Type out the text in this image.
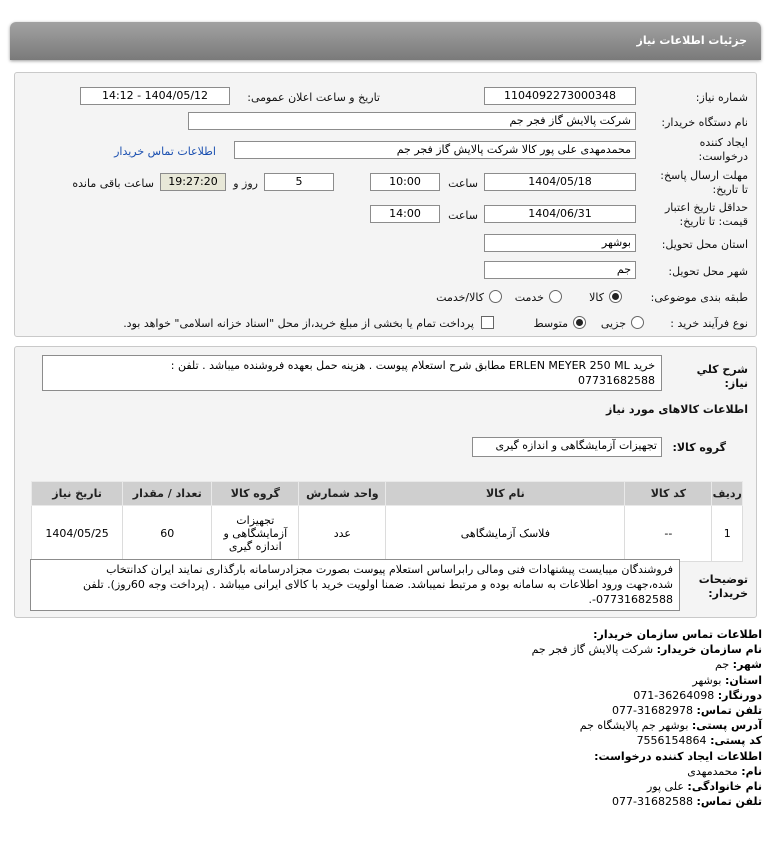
جزئیات اطلاعات نیاز
شماره نیاز:
1104092273000348
تاریخ و ساعت اعلان عمومی:
1404/05/12 - 14:12
نام دستگاه خریدار:
شرکت پالایش گاز فجر جم
ایجاد کننده
درخواست:
محمدمهدی علی پور کالا شرکت پالایش گاز فجر جم
اطلاعات تماس خریدار
مهلت ارسال پاسخ:
تا تاریخ:
1404/05/18
ساعت
10:00
5
روز و
19:27:20
ساعت باقی مانده
حداقل تاریخ اعتبار
قیمت: تا تاریخ:
1404/06/31
ساعت
14:00
استان محل تحویل:
بوشهر
شهر محل تحویل:
جم
طبقه بندی موضوعی:
کالا
خدمت
کالا/خدمت
نوع فرآیند خرید :
جزیی
متوسط
پرداخت تمام یا بخشی از مبلغ خرید،از محل "اسناد خزانه اسلامی" خواهد بود.
شرح کلي
نیاز:
خرید ERLEN MEYER 250 ML مطابق شرح استعلام پیوست . هزینه حمل بعهده فروشنده میباشد . تلفن :
07731682588
اطلاعات کالاهای مورد نیاز
گروه کالا:
تجهیزات آزمایشگاهی و اندازه گیری
ردیف	کد کالا	نام کالا	واحد شمارش	گروه کالا	تعداد / مقدار	تاریخ نیاز
1	--	فلاسک آزمایشگاهی	عدد	تجهیزات
آزمایشگاهی و
اندازه گیری	60	1404/05/25
توضیحات
خریدار:
فروشندگان میبایست پیشنهادات فنی ومالی رابراساس استعلام پیوست بصورت مجزادرسامانه بارگذاری نمایند ایران کدانتخاب
شده،جهت ورود اطلاعات به سامانه بوده و مرتبط نمیباشد. ضمنا اولویت خرید با کالای ایرانی میباشد . (پرداخت وجه 60روز). تلفن
07731682588-.
اطلاعات تماس سازمان خریدار:
نام سازمان خریدار: شرکت پالایش گاز فجر جم
شهر: جم
استان: بوشهر
دورنگار: 36264098-071
تلفن تماس: 31682978-077
آدرس پستی: بوشهر جم پالایشگاه جم
کد پستی: 7556154864
اطلاعات ایجاد کننده درخواست:
نام: محمدمهدی
نام خانوادگی: علی پور
تلفن تماس: 31682588-077
